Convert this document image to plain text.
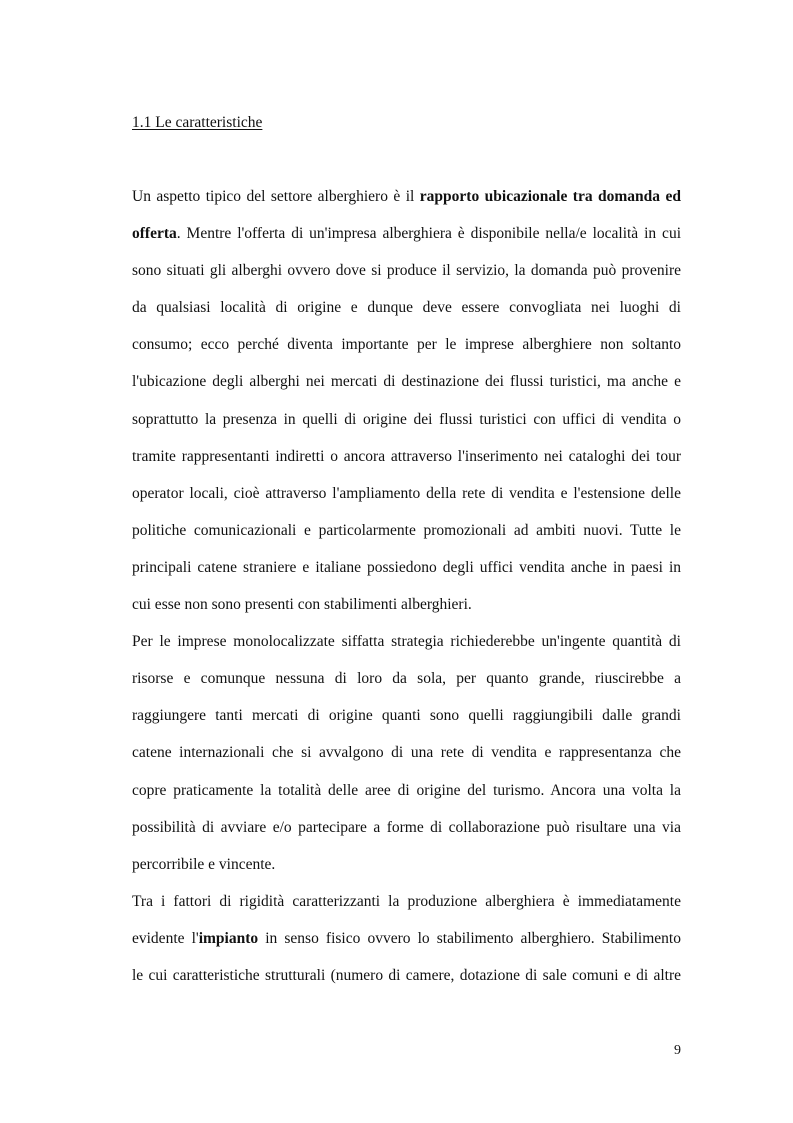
1.1 Le caratteristiche
Un aspetto tipico del settore alberghiero è il rapporto ubicazionale tra domanda ed
offerta. Mentre l'offerta di un'impresa alberghiera è disponibile nella/e località in cui
sono situati gli alberghi ovvero dove si produce il servizio, la domanda può provenire
da qualsiasi località di origine e dunque deve essere convogliata nei luoghi di
consumo; ecco perché diventa importante per le imprese alberghiere non soltanto
l'ubicazione degli alberghi nei mercati di destinazione dei flussi turistici, ma anche e
soprattutto la presenza in quelli di origine dei flussi turistici con uffici di vendita o
tramite rappresentanti indiretti o ancora attraverso l'inserimento nei cataloghi dei tour
operator locali, cioè attraverso l'ampliamento della rete di vendita e l'estensione delle
politiche comunicazionali e particolarmente promozionali ad ambiti nuovi. Tutte le
principali catene straniere e italiane possiedono degli uffici vendita anche in paesi in
cui esse non sono presenti con stabilimenti alberghieri.
Per le imprese monolocalizzate siffatta strategia richiederebbe un'ingente quantità di
risorse e comunque nessuna di loro da sola, per quanto grande, riuscirebbe a
raggiungere tanti mercati di origine quanti sono quelli raggiungibili dalle grandi
catene internazionali che si avvalgono di una rete di vendita e rappresentanza che
copre praticamente la totalità delle aree di origine del turismo. Ancora una volta la
possibilità di avviare e/o partecipare a forme di collaborazione può risultare una via
percorribile e vincente.
Tra i fattori di rigidità caratterizzanti la produzione alberghiera è immediatamente
evidente l'impianto in senso fisico ovvero lo stabilimento alberghiero. Stabilimento
le cui caratteristiche strutturali (numero di camere, dotazione di sale comuni e di altre
9
